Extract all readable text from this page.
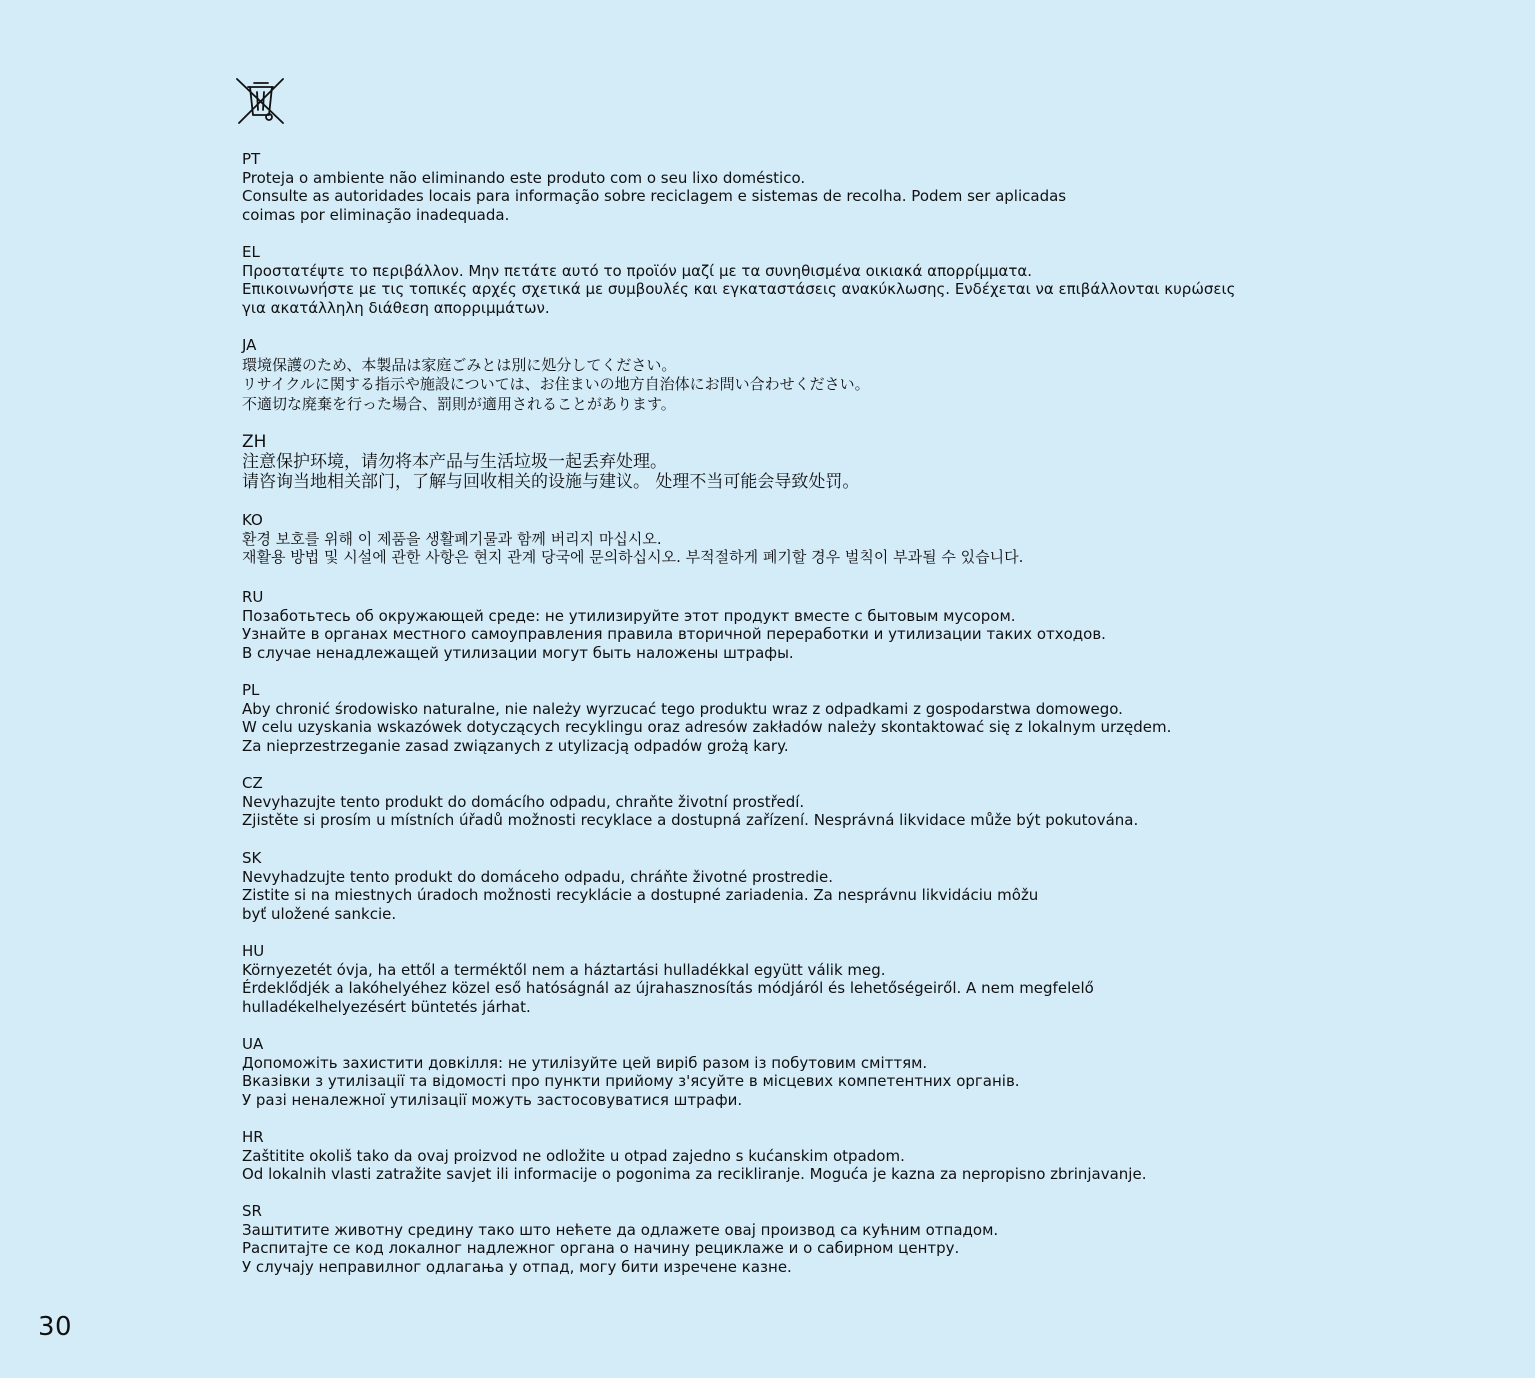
PT
Proteja o ambiente não eliminando este produto com o seu lixo doméstico.
Consulte as autoridades locais para informação sobre reciclagem e sistemas de recolha. Podem ser aplicadas
coimas por eliminação inadequada.
EL
Προστατέψτε το περιβάλλον. Μην πετάτε αυτό το προϊόν μαζί με τα συνηθισμένα οικιακά απορρίμματα.
Επικοινωνήστε με τις τοπικές αρχές σχετικά με συμβουλές και εγκαταστάσεις ανακύκλωσης. Ενδέχεται να επιβάλλονται κυρώσεις
για ακατάλληλη διάθεση απορριμμάτων.
JA
環境保護のため、本製品は家庭ごみとは別に処分してください。
リサイクルに関する指示や施設については、お住まいの地方自治体にお問い合わせください。
不適切な廃棄を行った場合、罰則が適用されることがあります。
ZH
注意保护环境，请勿将本产品与生活垃圾一起丢弃处理。
请咨询当地相关部门，了解与回收相关的设施与建议。 处理不当可能会导致处罚。
KO
환경 보호를 위해 이 제품을 생활폐기물과 함께 버리지 마십시오.
재활용 방법 및 시설에 관한 사항은 현지 관계 당국에 문의하십시오. 부적절하게 폐기할 경우 벌칙이 부과될 수 있습니다.
RU
Позаботьтесь об окружающей среде: не утилизируйте этот продукт вместе с бытовым мусором.
Узнайте в органах местного самоуправления правила вторичной переработки и утилизации таких отходов.
В случае ненадлежащей утилизации могут быть наложены штрафы.
PL
Aby chronić środowisko naturalne, nie należy wyrzucać tego produktu wraz z odpadkami z gospodarstwa domowego.
W celu uzyskania wskazówek dotyczących recyklingu oraz adresów zakładów należy skontaktować się z lokalnym urzędem.
Za nieprzestrzeganie zasad związanych z utylizacją odpadów grożą kary.
CZ
Nevyhazujte tento produkt do domácího odpadu, chraňte životní prostředí.
Zjistěte si prosím u místních úřadů možnosti recyklace a dostupná zařízení. Nesprávná likvidace může být pokutována.
SK
Nevyhadzujte tento produkt do domáceho odpadu, chráňte životné prostredie.
Zistite si na miestnych úradoch možnosti recyklácie a dostupné zariadenia. Za nesprávnu likvidáciu môžu
byť uložené sankcie.
HU
Környezetét óvja, ha ettől a terméktől nem a háztartási hulladékkal együtt válik meg.
Érdeklődjék a lakóhelyéhez közel eső hatóságnál az újrahasznosítás módjáról és lehetőségeiről. A nem megfelelő
hulladékelhelyezésért büntetés járhat.
UA
Допоможіть захистити довкілля: не утилізуйте цей виріб разом із побутовим сміттям.
Вказівки з утилізації та відомості про пункти прийому з'ясуйте в місцевих компетентних органів.
У разі неналежної утилізації можуть застосовуватися штрафи.
HR
Zaštitite okoliš tako da ovaj proizvod ne odložite u otpad zajedno s kućanskim otpadom.
Od lokalnih vlasti zatražite savjet ili informacije o pogonima za recikliranje. Moguća je kazna za nepropisno zbrinjavanje.
SR
Заштитите животну средину тако што нећете да одлажете овај производ са кућним отпадом.
Распитајте се код локалног надлежног органа о начину рециклаже и о сабирном центру.
У случају неправилног одлагања у отпад, могу бити изречене казне.
30
